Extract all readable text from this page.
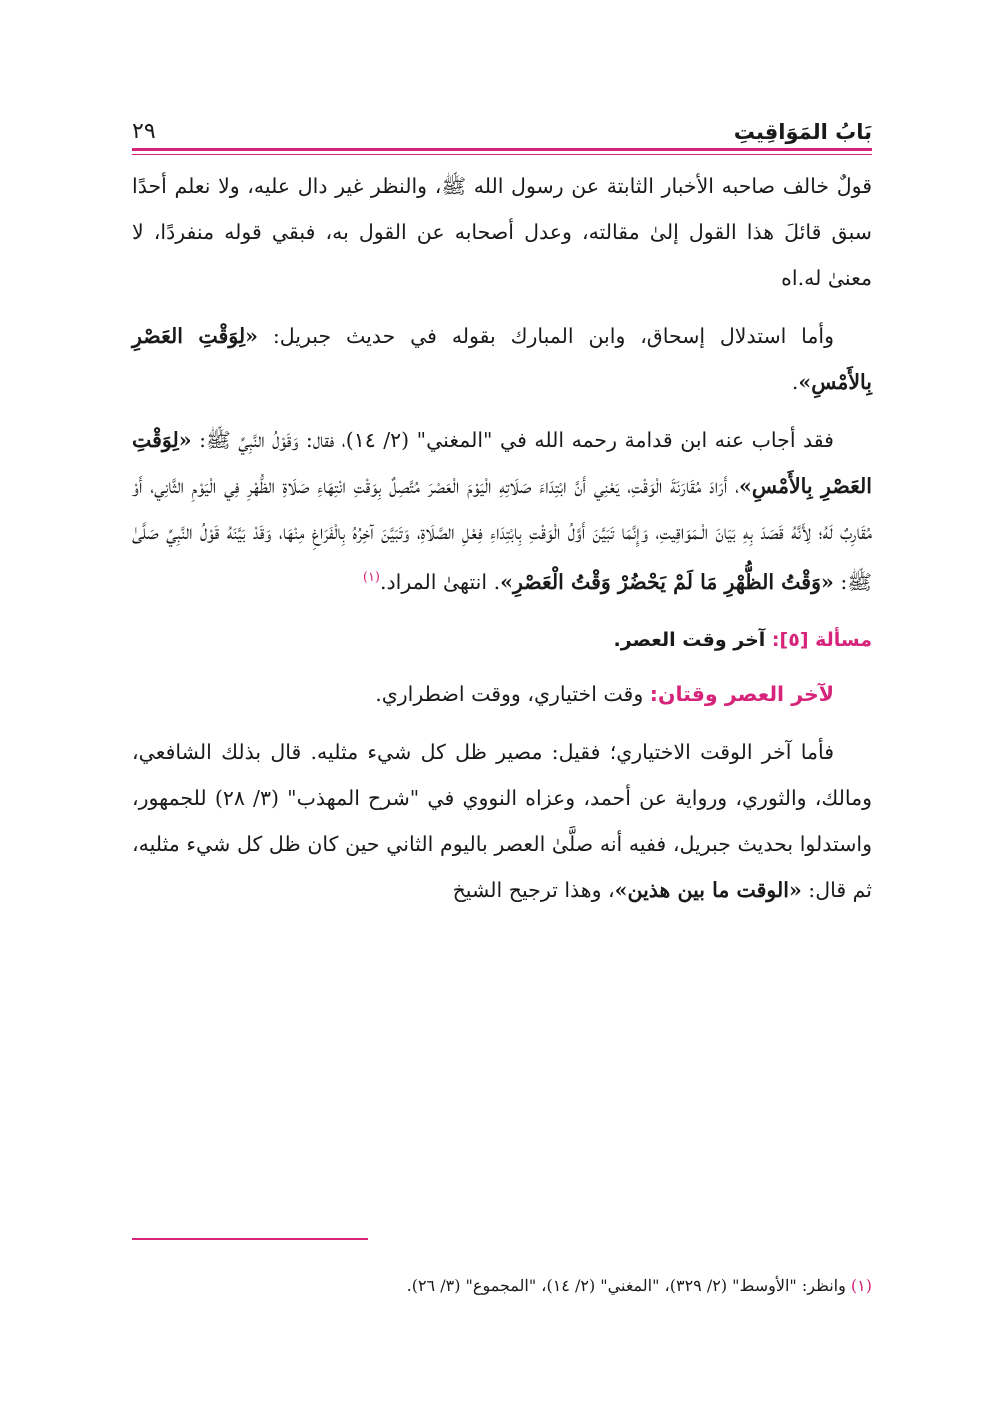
بَابُ المَوَاقِيتِ
٢٩

قولٌ خالف صاحبه الأخبار الثابتة عن رسول الله ﷺ، والنظر غير دال عليه، ولا نعلم أحدًا سبق قائلَ هذا القول إلىٰ مقالته، وعدل أصحابه عن القول به، فبقي قوله منفردًا، لا معنىٰ له.اه

وأما استدلال إسحاق، وابن المبارك بقوله في حديث جبريل: «لِوَقْتِ العَصْرِ بِالأَمْسِ».

فقد أجاب عنه ابن قدامة رحمه الله في "المغني" (٢/ ١٤)، فقال: وَقَوْلُ النَّبِيِّ ﷺ: «لِوَقْتِ العَصْرِ بِالأَمْسِ»، أَرَادَ مُقَارَنَةَ الْوَقْتِ، يَعْنِي أَنَّ ابْتِدَاءَ صَلَاتِهِ الْيَوْمَ الْعَصْرَ مُتَّصِلٌ بِوَقْتِ انْتِهَاءِ صَلَاةِ الظُّهْرِ فِي الْيَوْمِ الثَّانِي، أَوْ مُقَارِبٌ لَهُ؛ لِأَنَّهُ قَصَدَ بِهِ بَيَانَ الْـمَوَاقِيتِ، وَإِنَّمَا تَبَيَّنَ أَوَّلُ الْوَقْتِ بِابْتِدَاءِ فِعْلِ الصَّلَاةِ، وَتَبَيَّنَ آخِرُهُ بِالْفَرَاغِ مِنْهَا، وَقَدْ بَيَّنَهُ قَوْلُ النَّبِيِّ صَلَّىٰ ﷺ: «وَقْتُ الظُّهْرِ مَا لَمْ يَحْضُرْ وَقْتُ الْعَصْرِ». انتهىٰ المراد.$^{(١)}$

مسألة [٥]: آخر وقت العصر.

لآخر العصر وقتان: وقت اختياري، ووقت اضطراري.

فأما آخر الوقت الاختياري؛ فقيل: مصير ظل كل شيء مثليه. قال بذلك الشافعي، ومالك، والثوري، ورواية عن أحمد، وعزاه النووي في "شرح المهذب" (٣/ ٢٨) للجمهور، واستدلوا بحديث جبريل، ففيه أنه صلَّىٰ العصر باليوم الثاني حين كان ظل كل شيء مثليه، ثم قال: «الوقت ما بين هذين»، وهذا ترجيح الشيخ

(١) وانظر: "الأوسط" (٢/ ٣٢٩)، "المغني" (٢/ ١٤)، "المجموع" (٣/ ٢٦).
